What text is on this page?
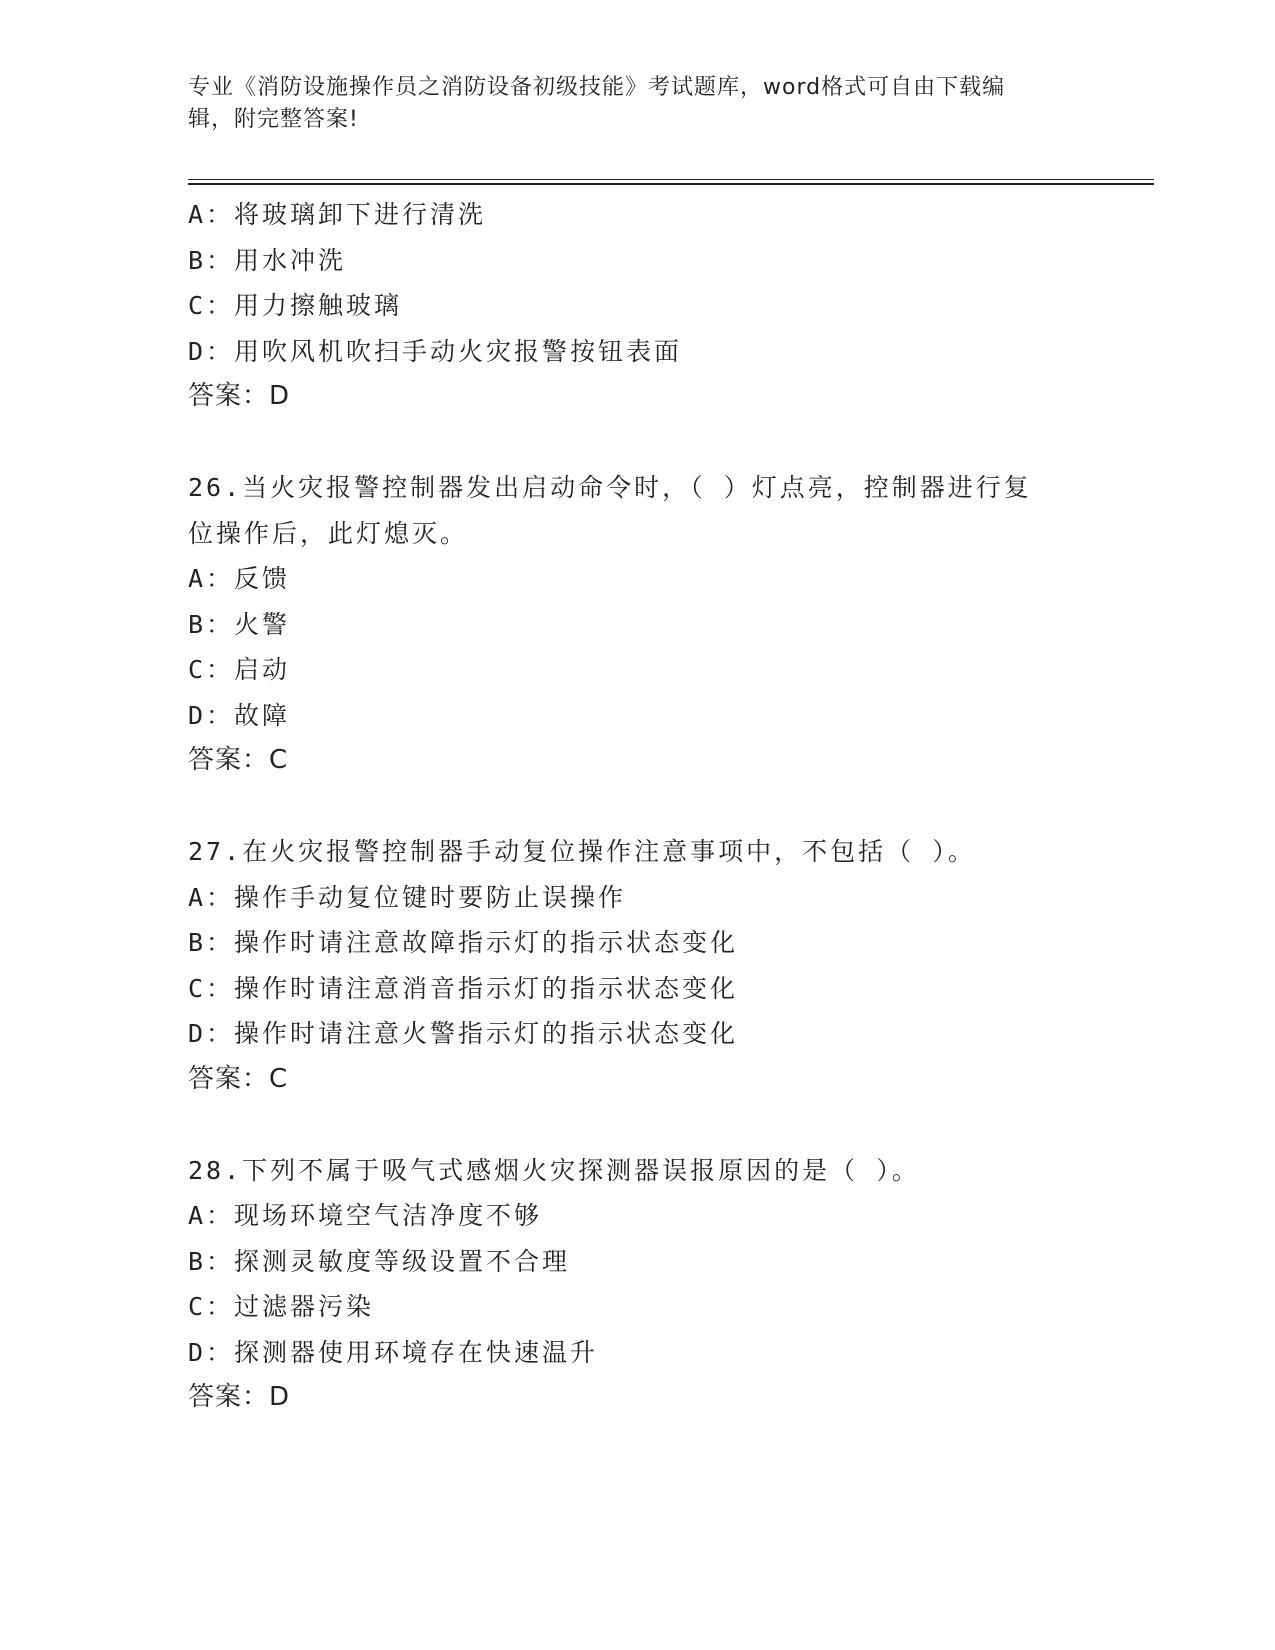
专业《消防设施操作员之消防设备初级技能》考试题库，word格式可自由下载编
辑，附完整答案!
A：将玻璃卸下进行清洗
B：用水冲洗
C：用力擦触玻璃
D：用吹风机吹扫手动火灾报警按钮表面
答案：D
26.当火灾报警控制器发出启动命令时，（ ）灯点亮，控制器进行复
位操作后，此灯熄灭。
A：反馈
B：火警
C：启动
D：故障
答案：C
27.在火灾报警控制器手动复位操作注意事项中，不包括（ ）。
A：操作手动复位键时要防止误操作
B：操作时请注意故障指示灯的指示状态变化
C：操作时请注意消音指示灯的指示状态变化
D：操作时请注意火警指示灯的指示状态变化
答案：C
28.下列不属于吸气式感烟火灾探测器误报原因的是（ ）。
A：现场环境空气洁净度不够
B：探测灵敏度等级设置不合理
C：过滤器污染
D：探测器使用环境存在快速温升
答案：D
